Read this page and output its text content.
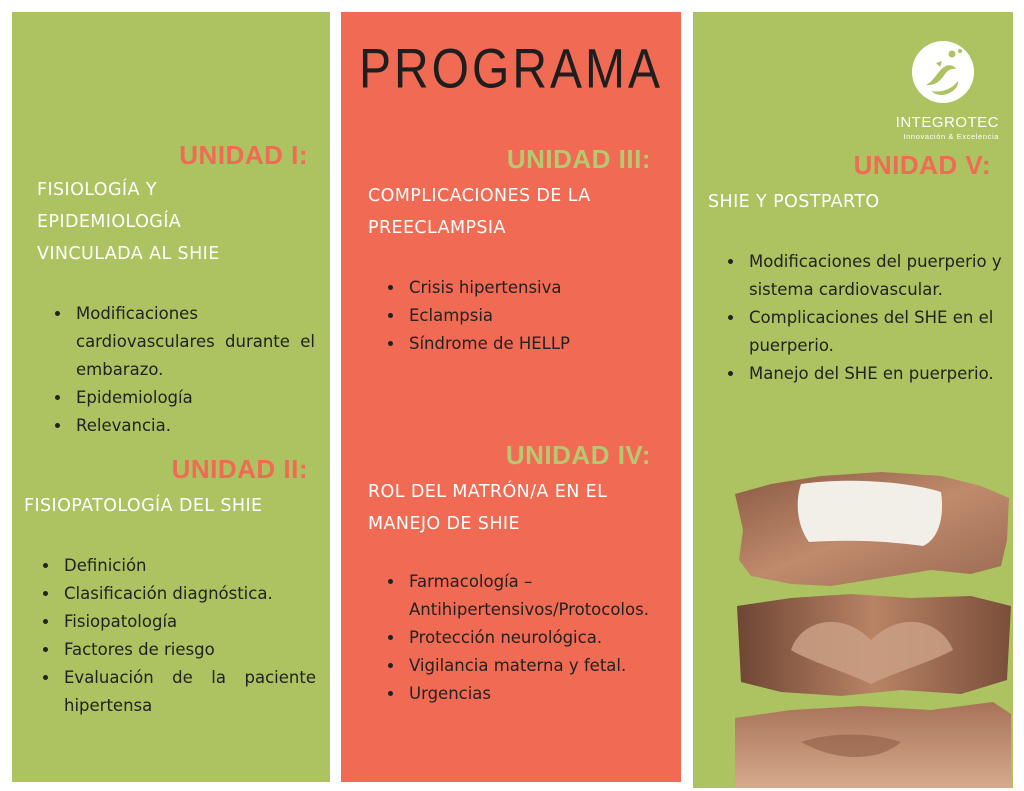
UNIDAD I:
FISIOLOGÍA Y
EPIDEMIOLOGÍA
VINCULADA AL SHIE
• Modificaciones cardiovasculares durante el embarazo.
• Epidemiología
• Relevancia.
UNIDAD II:
FISIOPATOLOGÍA DEL SHIE
• Definición
• Clasificación diagnóstica.
• Fisiopatología
• Factores de riesgo
• Evaluación de la paciente hipertensa
PROGRAMA
UNIDAD III:
COMPLICACIONES DE LA
PREECLAMPSIA
• Crisis hipertensiva
• Eclampsia
• Síndrome de HELLP
UNIDAD IV:
ROL DEL MATRÓN/A EN EL
MANEJO DE SHIE
• Farmacología – Antihipertensivos/Protocolos.
• Protección neurológica.
• Vigilancia materna y fetal.
• Urgencias
INTEGROTEC
Innovación & Excelencia
UNIDAD V:
SHIE Y POSTPARTO
• Modificaciones del puerperio y sistema cardiovascular.
• Complicaciones del SHE en el puerperio.
• Manejo del SHE en puerperio.
